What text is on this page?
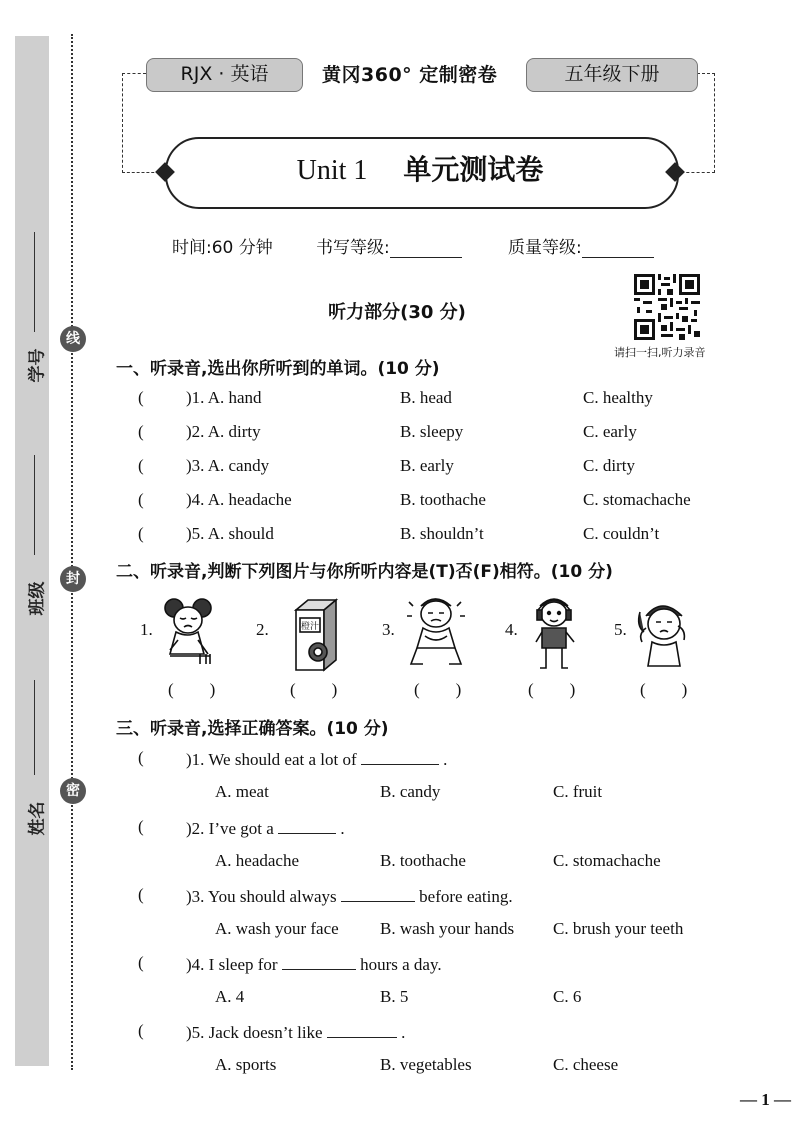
线
封
密
学号
班级
姓名
RJX · 英语	黄冈360° 定制密卷	五年级下册
Unit 1 单元测试卷
时间:60 分钟	书写等级:	质量等级:
听力部分(30 分)
请扫一扫,听力录音
一、听录音,选出你所听到的单词。(10 分)
( )1. A. hand	B. head	C. healthy
( )2. A. dirty	B. sleepy	C. early
( )3. A. candy	B. early	C. dirty
( )4. A. headache	B. toothache	C. stomachache
( )5. A. should	B. shouldn’t	C. couldn’t
二、听录音,判断下列图片与你所听内容是(T)否(F)相符。(10 分)
1.	2.	橙汁	3.	4.	5.
( )	( )	( )	( )	( )
三、听录音,选择正确答案。(10 分)
( )1. We should eat a lot of	.
A. meat	B. candy	C. fruit
( )2. I’ve got a	.
A. headache	B. toothache	C. stomachache
( )3. You should always	before eating.
A. wash your face B. wash your hands C. brush your teeth
( )4. I sleep for	hours a day.
A. 4	B. 5	C. 6
( )5. Jack doesn’t like	.
A. sports	B. vegetables	C. cheese
— 1 —
